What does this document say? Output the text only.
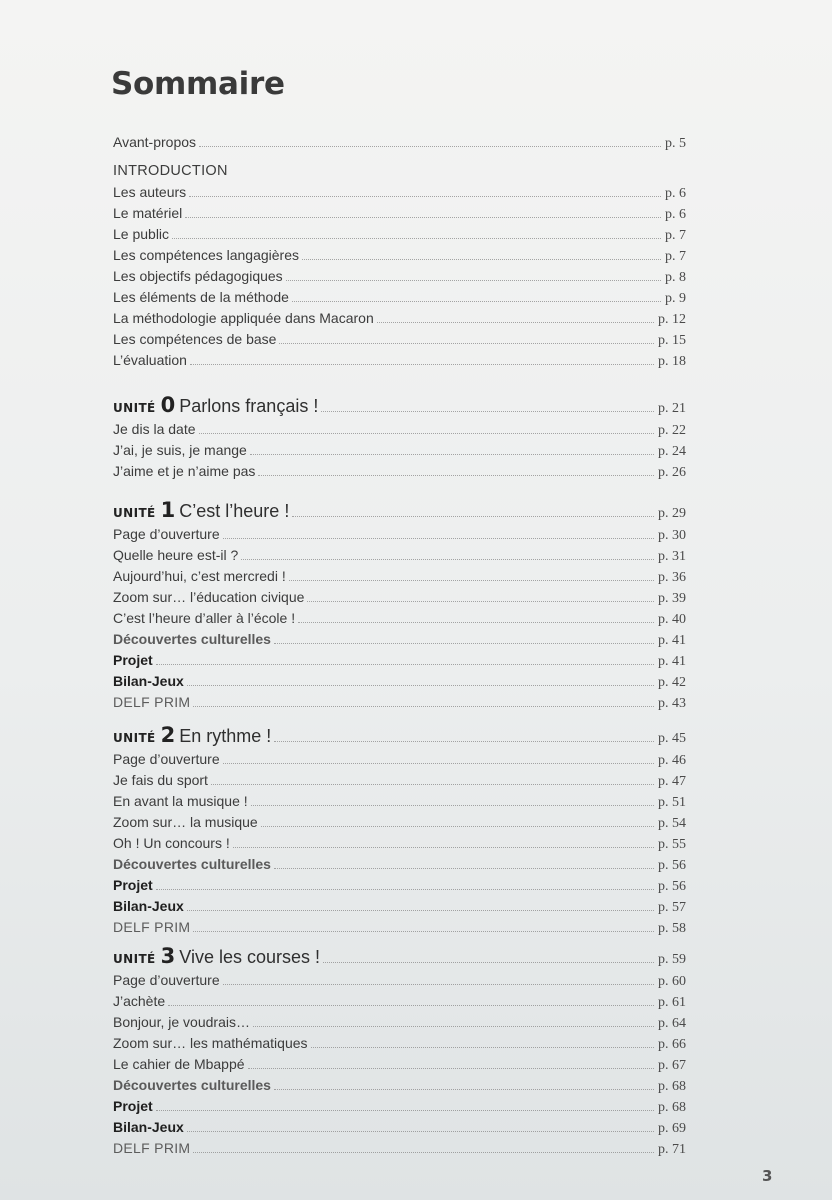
Sommaire
Avant-propos	p. 5
INTRODUCTION
Les auteurs	p. 6
Le matériel	p. 6
Le public	p. 7
Les compétences langagières	p. 7
Les objectifs pédagogiques	p. 8
Les éléments de la méthode	p. 9
La méthodologie appliquée dans Macaron	p. 12
Les compétences de base	p. 15
L’évaluation	p. 18
UNITÉ 0 Parlons français !	p. 21
Je dis la date	p. 22
J’ai, je suis, je mange	p. 24
J’aime et je n’aime pas	p. 26
UNITÉ 1 C’est l’heure !	p. 29
Page d’ouverture	p. 30
Quelle heure est-il ?	p. 31
Aujourd’hui, c’est mercredi !	p. 36
Zoom sur… l’éducation civique	p. 39
C’est l’heure d’aller à l’école !	p. 40
Découvertes culturelles	p. 41
Projet	p. 41
Bilan-Jeux	p. 42
DELF PRIM	p. 43
UNITÉ 2 En rythme !	p. 45
Page d’ouverture	p. 46
Je fais du sport	p. 47
En avant la musique !	p. 51
Zoom sur… la musique	p. 54
Oh ! Un concours !	p. 55
Découvertes culturelles	p. 56
Projet	p. 56
Bilan-Jeux	p. 57
DELF PRIM	p. 58
UNITÉ 3 Vive les courses !	p. 59
Page d’ouverture	p. 60
J’achète	p. 61
Bonjour, je voudrais…	p. 64
Zoom sur… les mathématiques	p. 66
Le cahier de Mbappé	p. 67
Découvertes culturelles	p. 68
Projet	p. 68
Bilan-Jeux	p. 69
DELF PRIM	p. 71
3
